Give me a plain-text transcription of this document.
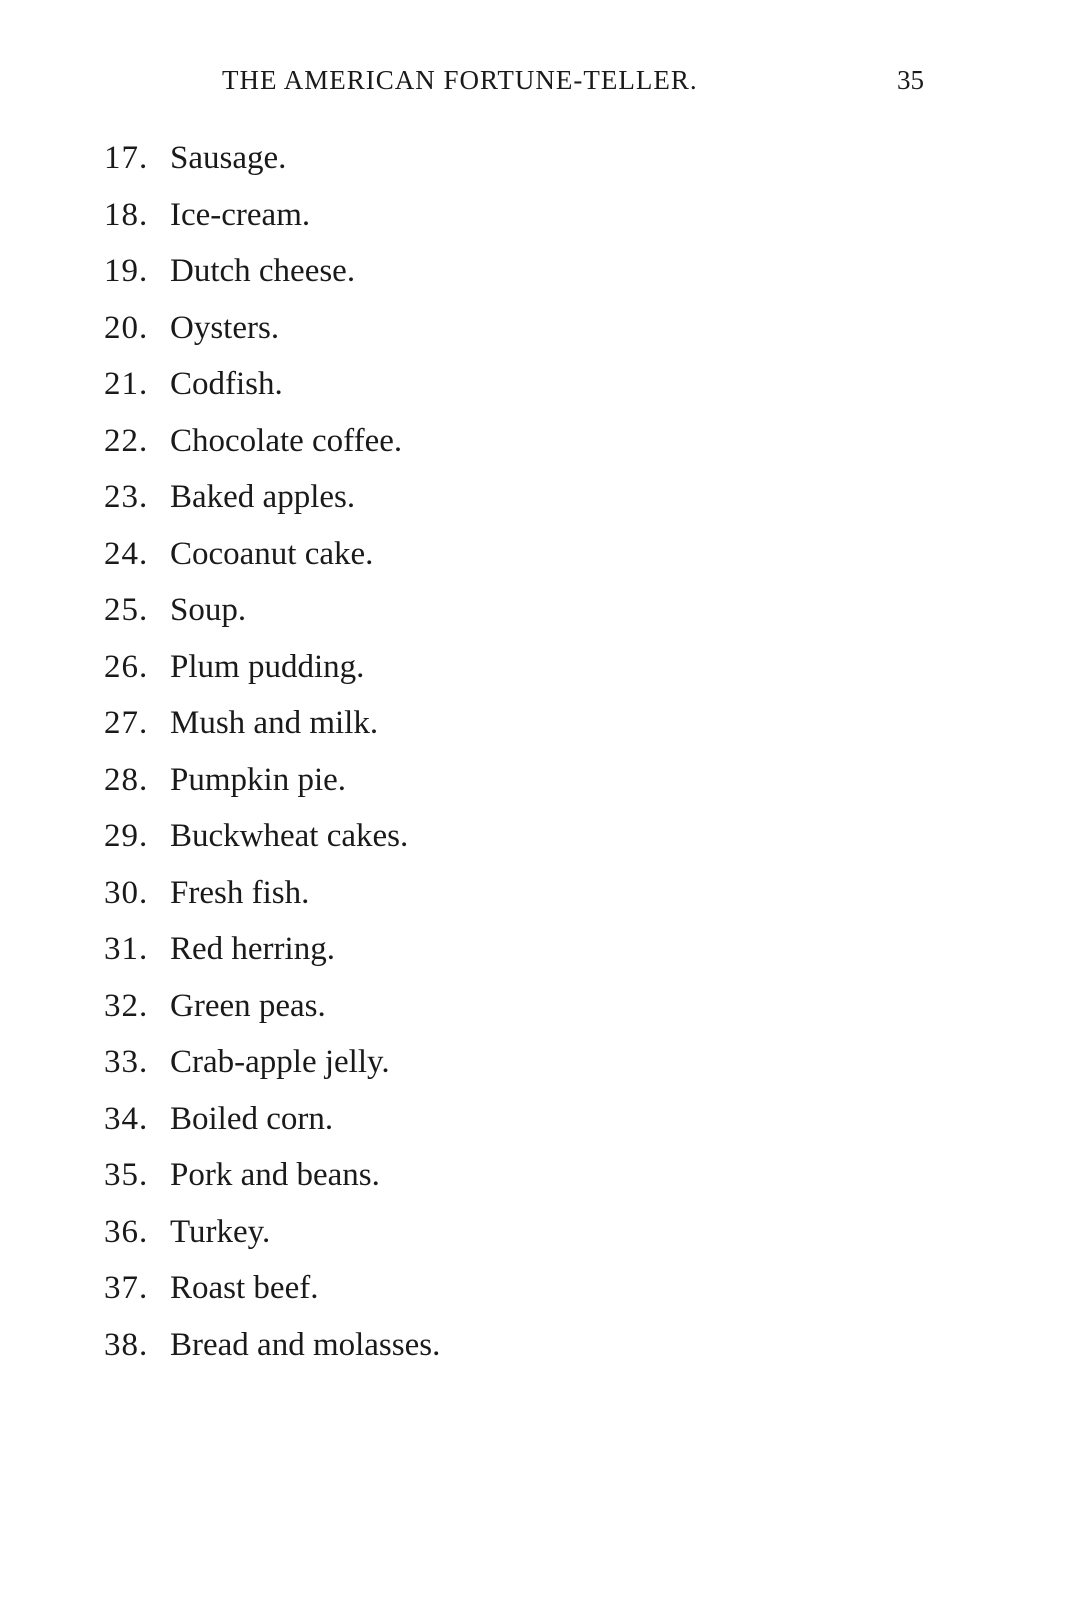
THE AMERICAN FORTUNE-TELLER.	35
17. Sausage.
18. Ice-cream.
19. Dutch cheese.
20. Oysters.
21. Codfish.
22. Chocolate coffee.
23. Baked apples.
24. Cocoanut cake.
25. Soup.
26. Plum pudding.
27. Mush and milk.
28. Pumpkin pie.
29. Buckwheat cakes.
30. Fresh fish.
31. Red herring.
32. Green peas.
33. Crab-apple jelly.
34. Boiled corn.
35. Pork and beans.
36. Turkey.
37. Roast beef.
38. Bread and molasses.
